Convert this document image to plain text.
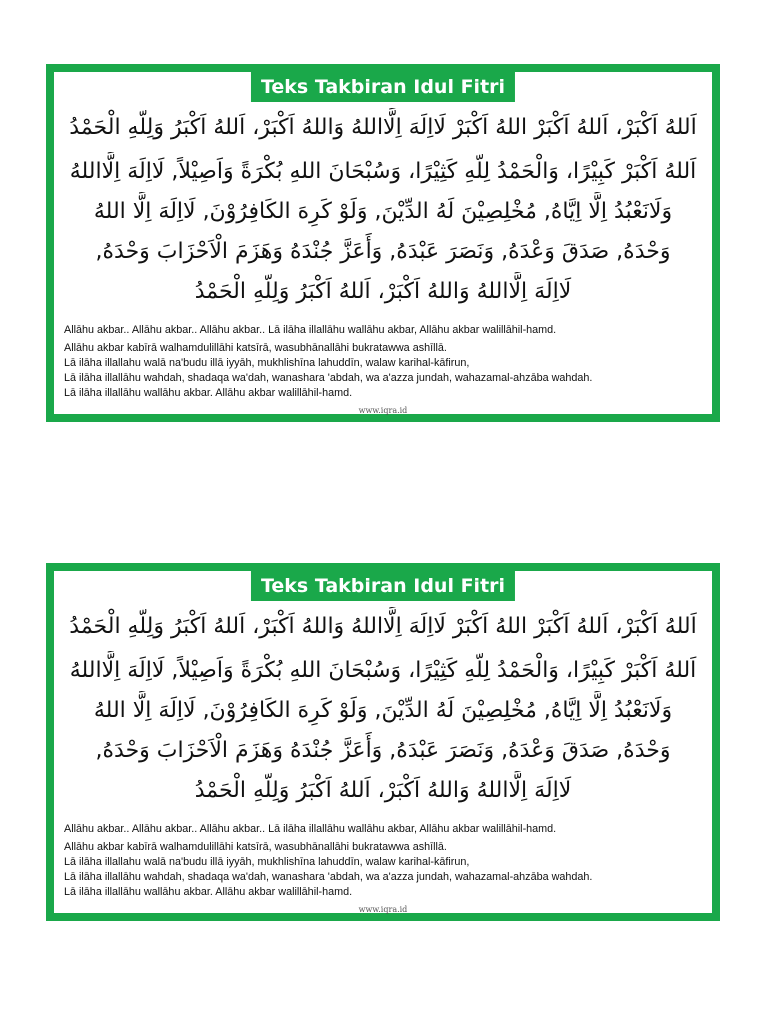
Teks Takbiran Idul Fitri
اَللهُ اَكْبَرْ، اَللهُ اَكْبَرْ اللهُ اَكْبَرْ لَااِلَهَ اِلَّااللهُ وَاللهُ اَكْبَرْ، اَللهُ اَكْبَرُ وَلِلّهِ الْحَمْدُ
اَللهُ اَكْبَرْ كَبِيْرًا، وَالْحَمْدُ لِلّهِ كَثِيْرًا، وَسُبْحَانَ اللهِ بُكْرَةً وَاَصِيْلاً, لَااِلَهَ اِلَّااللهُ
وَلَانَعْبُدُ اِلَّا اِيَّاهُ, مُخْلِصِيْنَ لَهُ الدِّيْنَ, وَلَوْ كَرِهَ الكَافِرُوْنَ, لَااِلَهَ اِلَّا اللهُ
وَحْدَهُ, صَدَقَ وَعْدَهُ, وَنَصَرَ عَبْدَهُ, وَأَعَزَّ جُنْدَهُ وَهَزَمَ الْاَحْزَابَ وَحْدَهُ,
لَااِلَهَ اِلَّااللهُ وَاللهُ اَكْبَرْ، اَللهُ اَكْبَرُ وَلِلّهِ الْحَمْدُ
Allāhu akbar.. Allāhu akbar.. Allāhu akbar.. Lā ilāha illallāhu wallāhu akbar, Allāhu akbar walillāhil-hamd.
Allāhu akbar kabīrā walhamdulillāhi katsīrā, wasubhānallāhi bukratawwa ashīllā.
Lā ilāha illallahu walā na'budu illā iyyāh, mukhlishīna lahuddīn, walaw karihal-kāfirun,
Lā ilāha illallāhu wahdah, shadaqa wa'dah, wanashara 'abdah, wa a'azza jundah, wahazamal-ahzāba wahdah.
Lā ilāha illallāhu wallāhu akbar. Allāhu akbar walillāhil-hamd.
www.iqra.id
Teks Takbiran Idul Fitri
اَللهُ اَكْبَرْ، اَللهُ اَكْبَرْ اللهُ اَكْبَرْ لَااِلَهَ اِلَّااللهُ وَاللهُ اَكْبَرْ، اَللهُ اَكْبَرُ وَلِلّهِ الْحَمْدُ
اَللهُ اَكْبَرْ كَبِيْرًا، وَالْحَمْدُ لِلّهِ كَثِيْرًا، وَسُبْحَانَ اللهِ بُكْرَةً وَاَصِيْلاً, لَااِلَهَ اِلَّااللهُ
وَلَانَعْبُدُ اِلَّا اِيَّاهُ, مُخْلِصِيْنَ لَهُ الدِّيْنَ, وَلَوْ كَرِهَ الكَافِرُوْنَ, لَااِلَهَ اِلَّا اللهُ
وَحْدَهُ, صَدَقَ وَعْدَهُ, وَنَصَرَ عَبْدَهُ, وَأَعَزَّ جُنْدَهُ وَهَزَمَ الْاَحْزَابَ وَحْدَهُ,
لَااِلَهَ اِلَّااللهُ وَاللهُ اَكْبَرْ، اَللهُ اَكْبَرُ وَلِلّهِ الْحَمْدُ
Allāhu akbar.. Allāhu akbar.. Allāhu akbar.. Lā ilāha illallāhu wallāhu akbar, Allāhu akbar walillāhil-hamd.
Allāhu akbar kabīrā walhamdulillāhi katsīrā, wasubhānallāhi bukratawwa ashīllā.
Lā ilāha illallahu walā na'budu illā iyyāh, mukhlishīna lahuddīn, walaw karihal-kāfirun,
Lā ilāha illallāhu wahdah, shadaqa wa'dah, wanashara 'abdah, wa a'azza jundah, wahazamal-ahzāba wahdah.
Lā ilāha illallāhu wallāhu akbar. Allāhu akbar walillāhil-hamd.
www.iqra.id
